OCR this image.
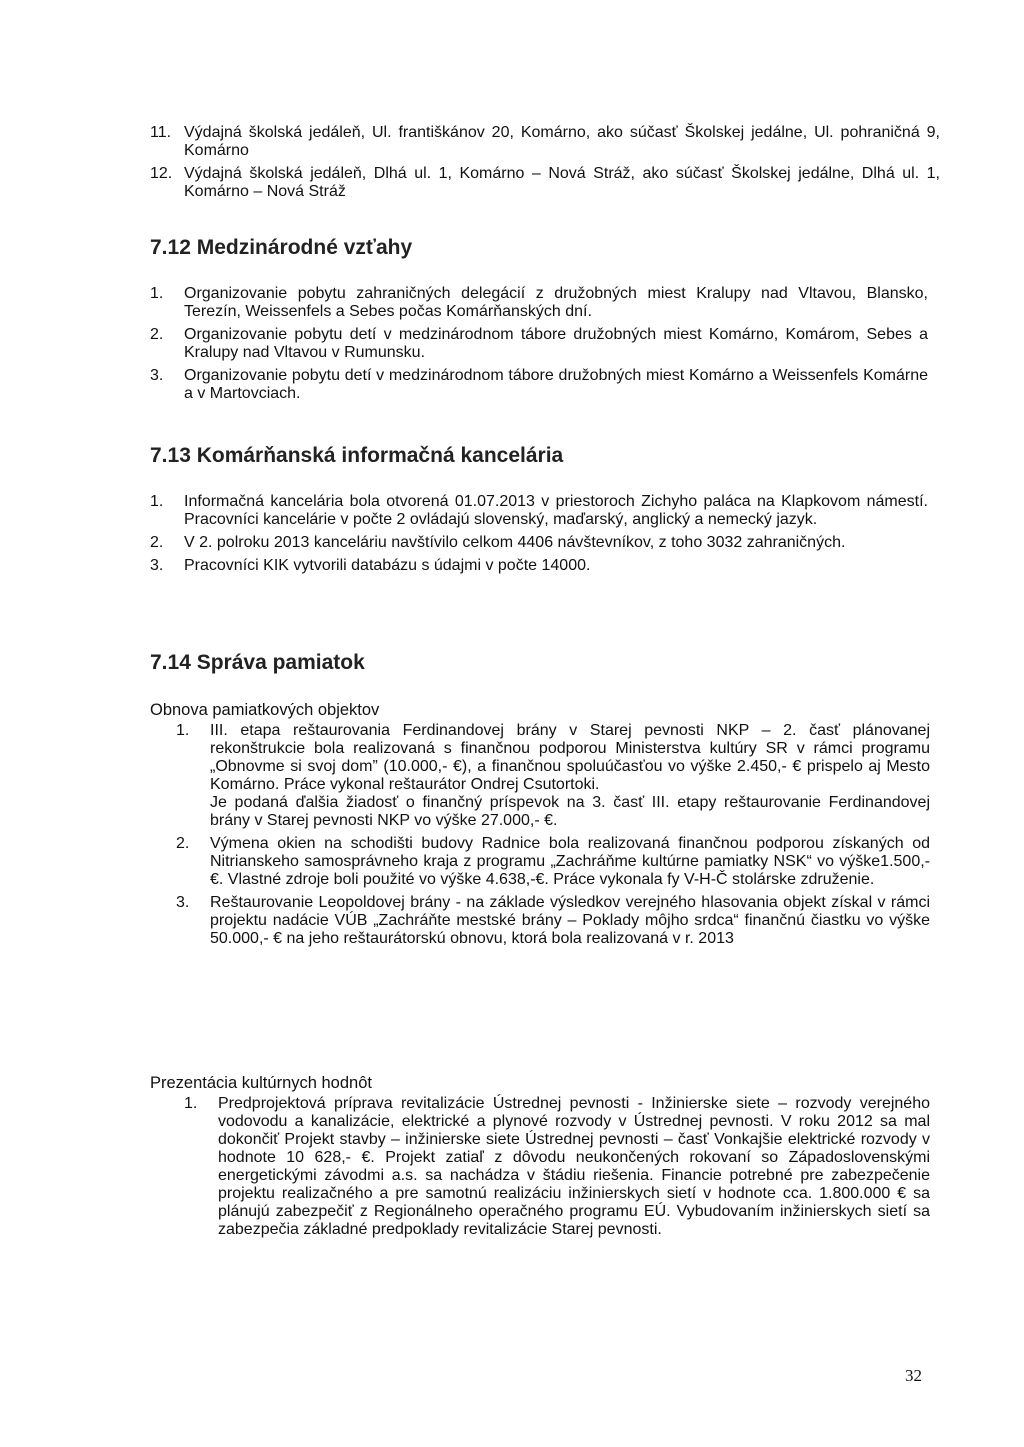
11. Výdajná školská jedáleň, Ul. františkánov 20, Komárno, ako súčasť Školskej jedálne, Ul. pohraničná 9, Komárno
12. Výdajná školská jedáleň, Dlhá ul. 1, Komárno – Nová Stráž, ako súčasť Školskej jedálne, Dlhá ul. 1, Komárno – Nová Stráž
7.12 Medzinárodné vzťahy
1.	Organizovanie pobytu zahraničných delegácií z družobných miest Kralupy nad Vltavou, Blansko, Terezín, Weissenfels a Sebes počas Komárňanských dní.
2.	Organizovanie pobytu detí v medzinárodnom tábore družobných miest Komárno, Komárom, Sebes a Kralupy nad Vltavou v Rumunsku.
3.	Organizovanie pobytu detí v medzinárodnom tábore družobných miest Komárno a Weissenfels Komárne a v Martovciach.
7.13 Komárňanská informačná kancelária
1.	Informačná kancelária bola otvorená 01.07.2013 v priestoroch Zichyho paláca na Klapkovom námestí. Pracovníci kancelárie v počte 2 ovládajú slovenský, maďarský, anglický a nemecký jazyk.
2.	V 2. polroku 2013 kanceláriu navštívilo celkom 4406 návštevníkov, z toho 3032 zahraničných.
3.	Pracovníci KIK vytvorili databázu s údajmi v počte 14000.
7.14 Správa pamiatok
Obnova pamiatkových objektov
1.	III. etapa reštaurovania Ferdinandovej brány v Starej pevnosti NKP – 2. časť plánovanej rekonštrukcie bola realizovaná s finančnou podporou Ministerstva kultúry SR v rámci programu „Obnovme si svoj dom” (10.000,- €), a finančnou spoluúčasťou vo výške 2.450,- € prispelo aj Mesto Komárno. Práce vykonal reštaurátor Ondrej Csutortoki.

Je podaná ďalšia žiadosť o finančný príspevok na 3. časť III. etapy reštaurovanie Ferdinandovej brány v Starej pevnosti NKP vo výške 27.000,- €.

2.	Výmena okien na schodišti budovy Radnice bola realizovaná finančnou podporou získaných od Nitrianskeho samosprávneho kraja z programu „Zachráňme kultúrne pamiatky NSK“ vo výške1.500,-€. Vlastné zdroje boli použité vo výške 4.638,-€. Práce vykonala fy V-H-Č stolárske združenie.
3.	Reštaurovanie Leopoldovej brány - na základe výsledkov verejného hlasovania objekt získal v rámci projektu nadácie VÚB „Zachráňte mestské brány – Poklady môjho srdca“ finančnú čiastku vo výške 50.000,- € na jeho reštaurátorskú obnovu, ktorá bola realizovaná v r. 2013
Prezentácia kultúrnych hodnôt
1.	Predprojektová príprava revitalizácie Ústrednej pevnosti - Inžinierske siete – rozvody verejného vodovodu a kanalizácie, elektrické a plynové rozvody v Ústrednej pevnosti. V roku 2012 sa mal dokončiť Projekt stavby – inžinierske siete Ústrednej pevnosti – časť Vonkajšie elektrické rozvody v hodnote 10 628,- €. Projekt zatiaľ z dôvodu neukončených rokovaní so Západoslovenskými energetickými závodmi a.s. sa nachádza v štádiu riešenia. Financie potrebné pre zabezpečenie projektu realizačného a pre samotnú realizáciu inžinierskych sietí v hodnote cca. 1.800.000 € sa plánujú zabezpečiť z Regionálneho operačného programu EÚ. Vybudovaním inžinierskych sietí sa zabezpečia základné predpoklady revitalizácie Starej pevnosti.
32
